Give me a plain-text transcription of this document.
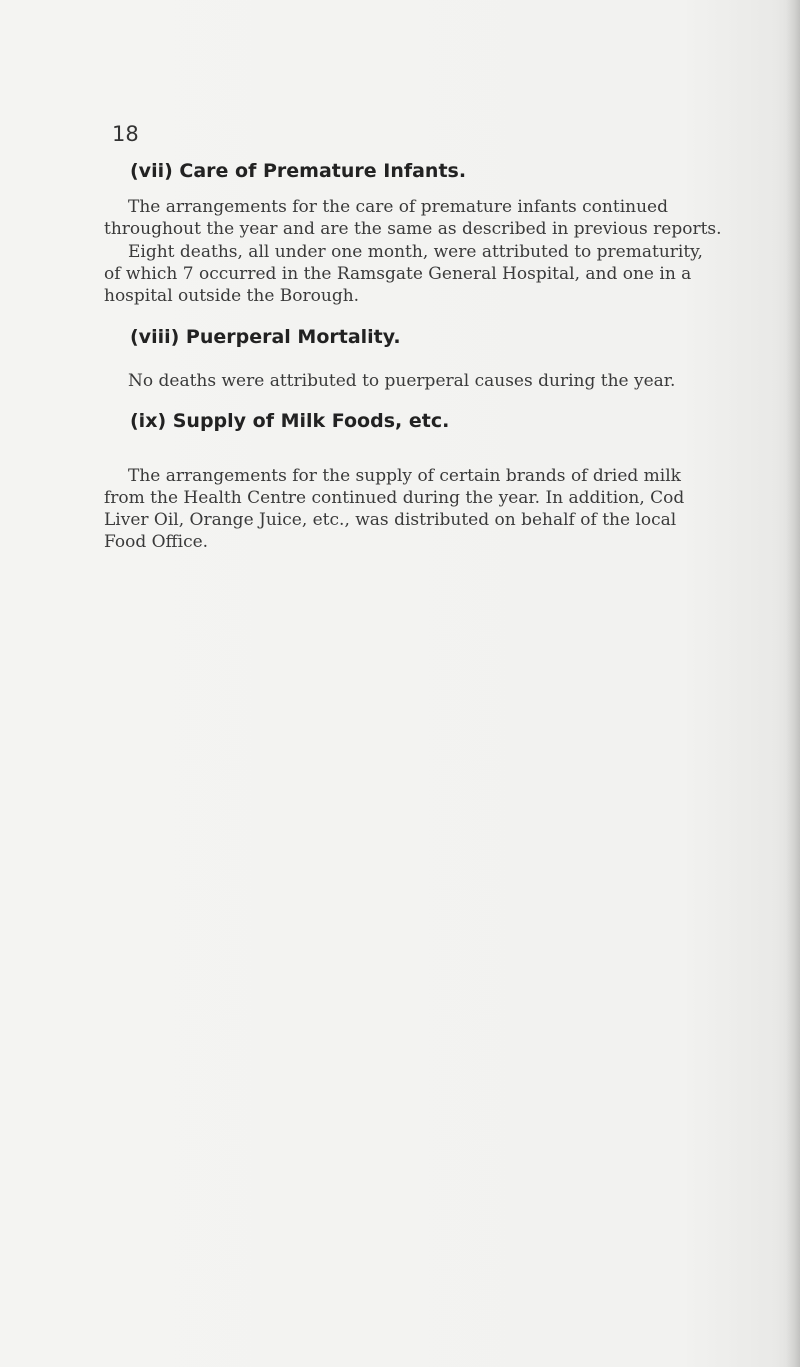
18
(vii) Care of Premature Infants.
The arrangements for the care of premature infants continued
throughout the year and are the same as described in previous reports.
Eight deaths, all under one month, were attributed to prematurity,
of which 7 occurred in the Ramsgate General Hospital, and one in a
hospital outside the Borough.
(viii) Puerperal Mortality.
No deaths were attributed to puerperal causes during the year.
(ix) Supply of Milk Foods, etc.
The arrangements for the supply of certain brands of dried milk
from the Health Centre continued during the year. In addition, Cod
Liver Oil, Orange Juice, etc., was distributed on behalf of the local
Food Office.
